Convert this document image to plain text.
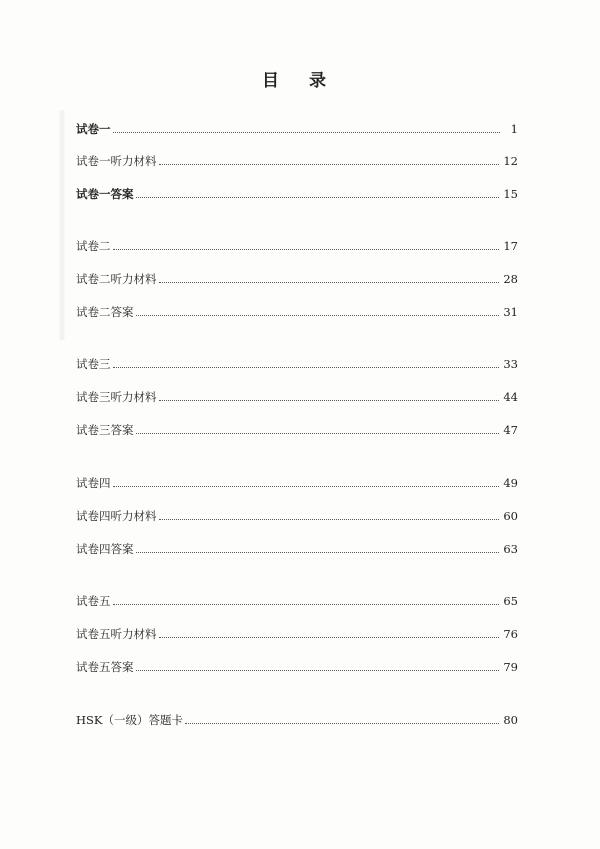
目 录
试卷一	1
试卷一听力材料	12
试卷一答案	15
试卷二	17
试卷二听力材料	28
试卷二答案	31
试卷三	33
试卷三听力材料	44
试卷三答案	47
试卷四	49
试卷四听力材料	60
试卷四答案	63
试卷五	65
试卷五听力材料	76
试卷五答案	79
HSK（一级）答题卡	80
